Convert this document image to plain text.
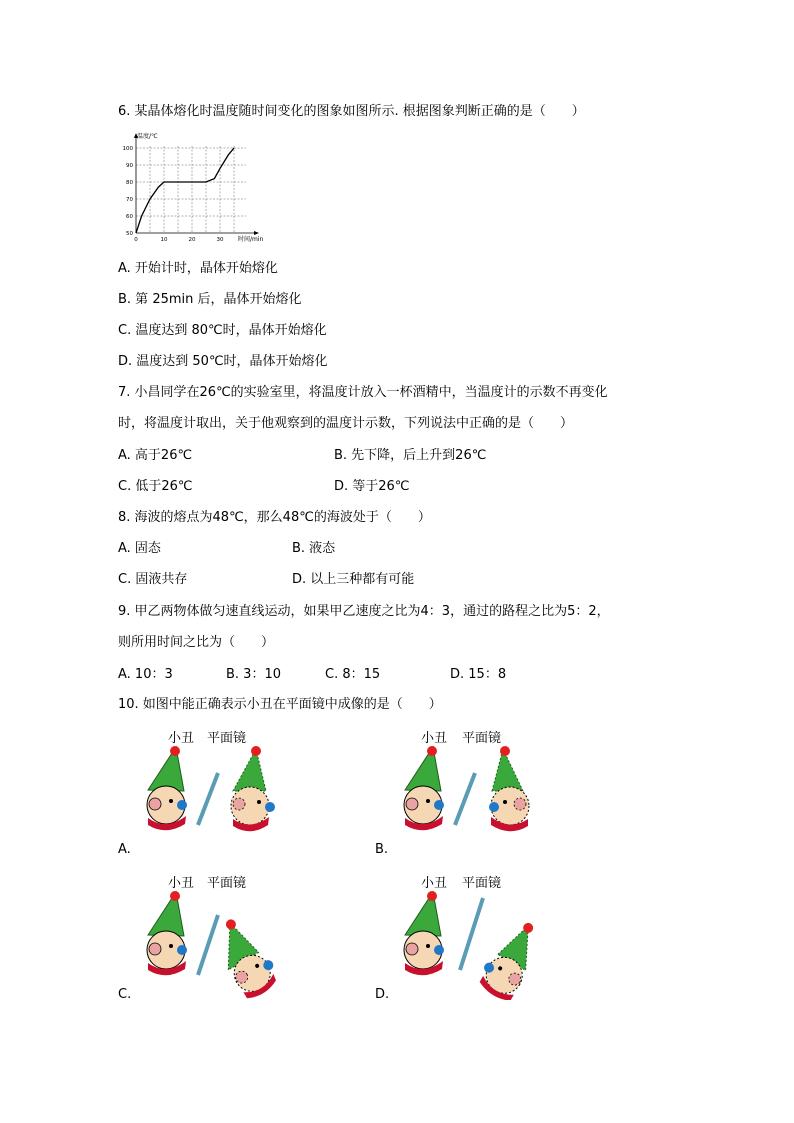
6. 某晶体熔化时温度随时间变化的图象如图所示. 根据图象判断正确的是（　　）
50
60
70
80
90
100
0	10	20	30
温度/℃
时间/min
A. 开始计时，晶体开始熔化
B. 第 25min 后，晶体开始熔化
C. 温度达到 80℃时，晶体开始熔化
D. 温度达到 50℃时，晶体开始熔化
7. 小昌同学在26℃的实验室里，将温度计放入一杯酒精中，当温度计的示数不再变化
时，将温度计取出，关于他观察到的温度计示数，下列说法中正确的是（　　）
A. 高于26℃	B. 先下降，后上升到26℃
C. 低于26℃	D. 等于26℃
8. 海波的熔点为48℃，那么48℃的海波处于（　　）
A. 固态	B. 液态
C. 固液共存	D. 以上三种都有可能
9. 甲乙两物体做匀速直线运动，如果甲乙速度之比为4：3，通过的路程之比为5：2，
则所用时间之比为（　　）
A. 10：3	B. 3：10	C. 8：15	D. 15：8
10. 如图中能正确表示小丑在平面镜中成像的是（　　）
小丑 平面镜
A.
小丑 平面镜
B.
小丑 平面镜
C.
小丑 平面镜
D.
